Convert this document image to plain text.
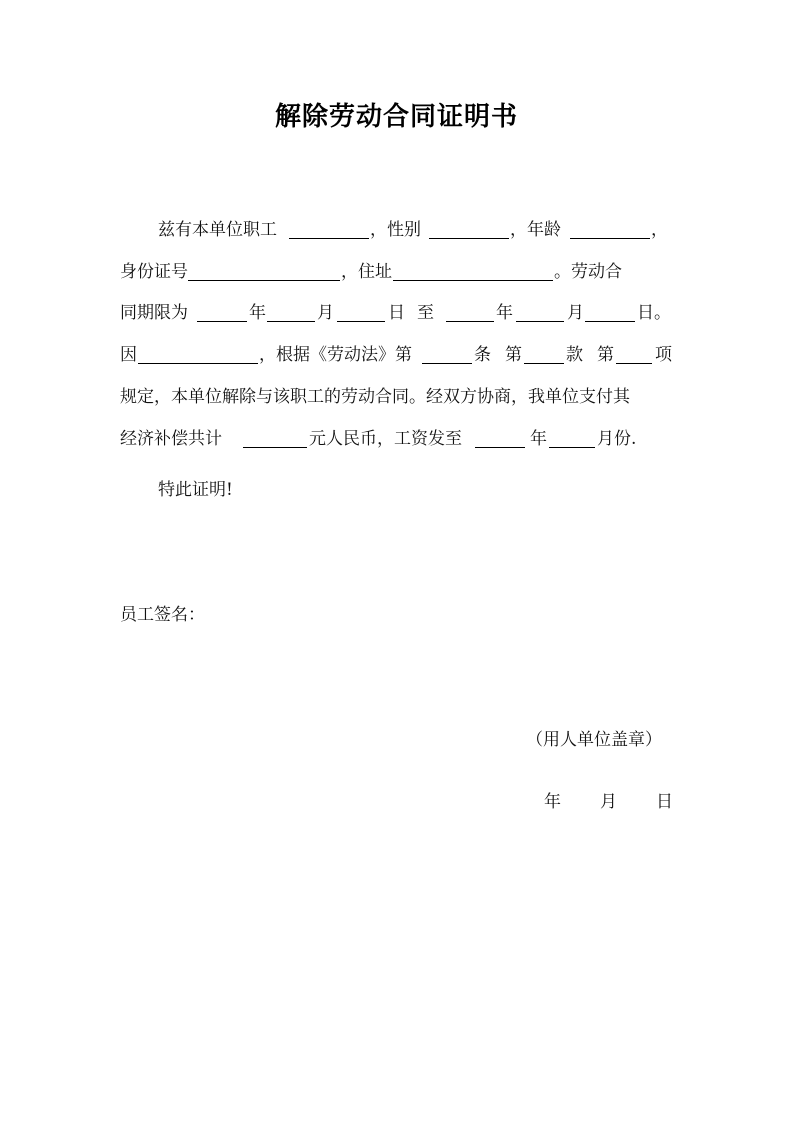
解除劳动合同证明书
兹有本单位职工	，性别	，年龄	，
身份证号	，住址	。劳动合
同期限为	年	月	日 至	年	月	日。
因	，根据《劳动法》第	条 第	款 第 项
规定，本单位解除与该职工的劳动合同。经双方协商，我单位支付其
经济补偿共计	元人民币，工资发至	年	月份.
特此证明!
员工签名：
（用人单位盖章）
年 月 日
